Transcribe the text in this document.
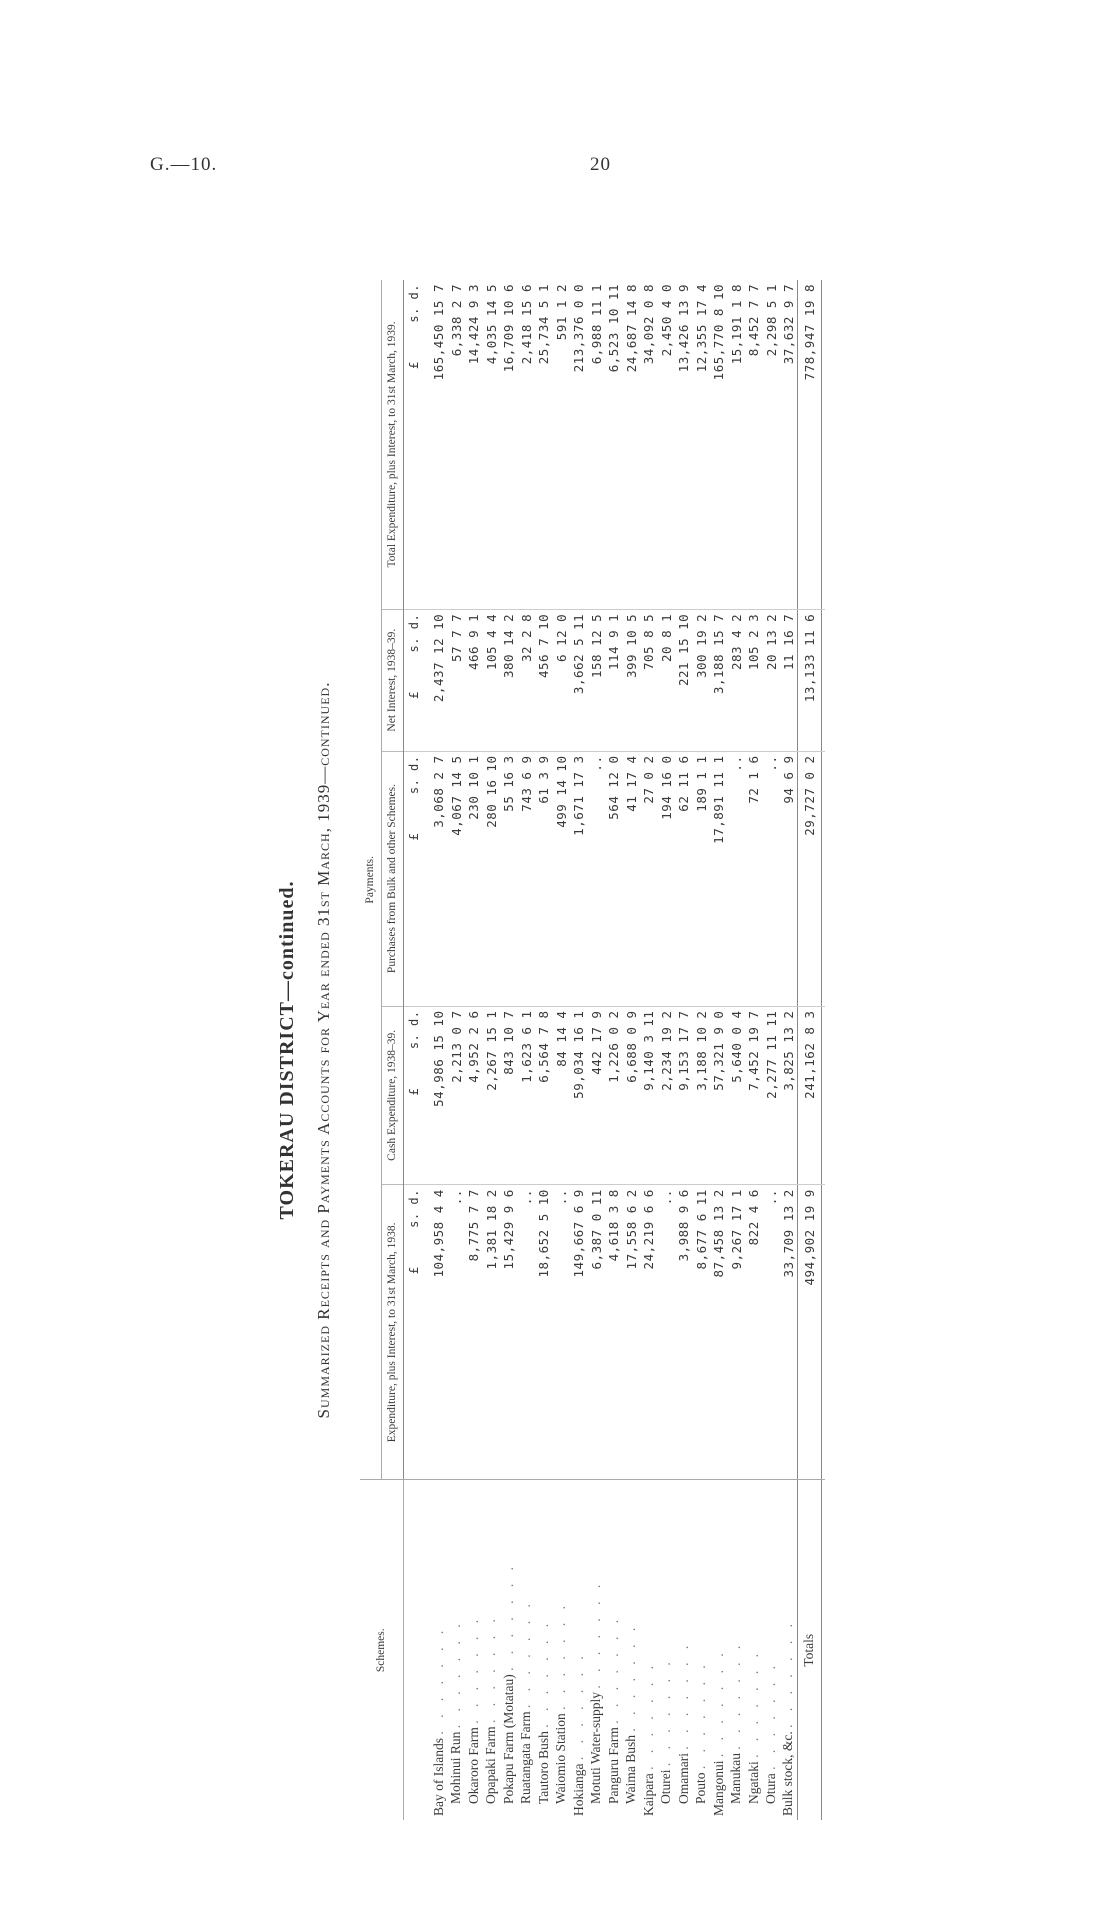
G.—10.	20
TOKERAU DISTRICT—continued. Summarized Receipts and Payments Accounts for Year ended 31st March, 1939—continued.
Schemes.	Payments.				
	Expenditure, plus Interest, to 31st March, 1938.	Cash Expenditure, 1938–39.	Purchases from Bulk and other Schemes.	Net Interest, 1938–39.	Total Expenditure, plus Interest, to 31st March, 1939.
	£     s. d.	£     s. d.	£     s. d.	£     s. d.	£     s. d.

Bay of Islands . . . . . . .	104,958 4 4	54,986 15 10	3,068 2 7	2,437 12 10	165,450 15 7
Mohinui Run . . . . . . .	..	2,213 0 7	4,067 14 5	57 7 7	6,338 2 7
Okaroro Farm . . . . . . .	8,775 7 7	4,952 2 6	230 10 1	466 9 1	14,424 9 3
Opapaki Farm . . . . . . .	1,381 18 2	2,267 15 1	280 16 10	105 4 4	4,035 14 5
Pokapu Farm (Motatau) . . . . . . .	15,429 9 6	843 10 7	55 16 3	380 14 2	16,709 10 6
Ruatangata Farm . . . . . . .	..	1,623 6 1	743 6 9	32 2 8	2,418 15 6
Tautoro Bush . . . . . . .	18,652 5 10	6,564 7 8	61 3 9	456 7 10	25,734 5 1
Waiomio Station . . . . . . .	..	84 14 4	499 14 10	6 12 0	591 1 2
Hokianga . . . . . . .	149,667 6 9	59,034 16 1	1,671 17 3	3,662 5 11	213,376 0 0
Motuti Water-supply . . . . . . .	6,387 0 11	442 17 9	..	158 12 5	6,988 11 1
Panguru Farm . . . . . . .	4,618 3 8	1,226 0 2	564 12 0	114 9 1	6,523 10 11
Waima Bush . . . . . . .	17,558 6 2	6,688 0 9	41 17 4	399 10 5	24,687 14 8
Kaipara . . . . . . .	24,219 6 6	9,140 3 11	27 0 2	705 8 5	34,092 0 8
Oturei . . . . . . .	..	2,234 19 2	194 16 0	20 8 1	2,450 4 0
Omamari . . . . . . .	3,988 9 6	9,153 17 7	62 11 6	221 15 10	13,426 13 9
Pouto . . . . . . .	8,677 6 11	3,188 10 2	189 1 1	300 19 2	12,355 17 4
Mangonui . . . . . . .	87,458 13 2	57,321 9 0	17,891 11 1	3,188 15 7	165,770 8 10
Manukau . . . . . . .	9,267 17 1	5,640 0 4	..	283 4 2	15,191 1 8
Ngataki . . . . . . .	822 4 6	7,452 19 7	72 1 6	105 2 3	8,452 7 7
Otura . . . . . . .	..	2,277 11 11	..	20 13 2	2,298 5 1
Bulk stock, &c. . . . . . . .	33,709 13 2	3,825 13 2	94 6 9	11 16 7	37,632 9 7
Totals	494,902 19 9	241,162 8 3	29,727 0 2	13,133 11 6	778,947 19 8
